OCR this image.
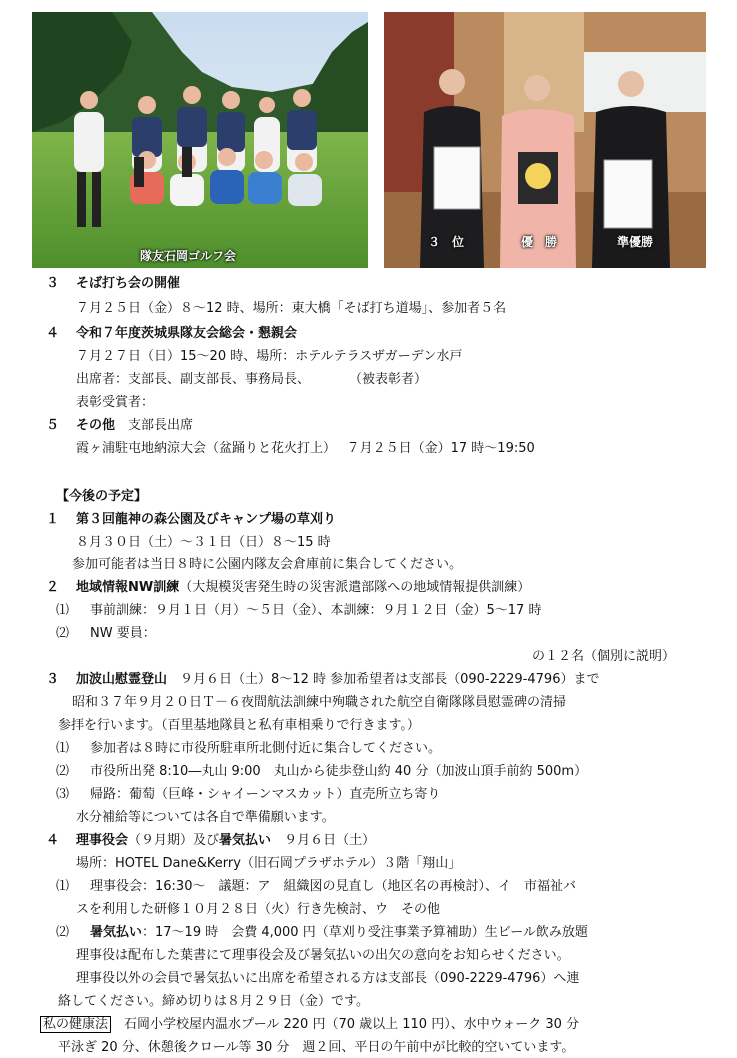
隊友石岡ゴルフ会
３　位	優　勝	準優勝
３ そば打ち会の開催
７月２５日（金）８～12 時、場所：東大橋「そば打ち道場」、参加者５名
４ 令和７年度茨城県隊友会総会・懇親会
７月２７日（日）15～20 時、場所：ホテルテラスザガーデン水戸
出席者：支部長、副支部長、事務局長、　　　　（被表彰者）
表彰受賞者：
５ その他　 支部長出席
霞ヶ浦駐屯地納涼大会（盆踊りと花火打上）　 ７月２５日（金）17 時～19:50
【今後の予定】
１ 第３回龍神の森公園及びキャンプ場の草刈り
８月３０日（土）～３１日（日）８～15 時
参加可能者は当日８時に公園内隊友会倉庫前に集合してください。
２ 地域情報NW訓練（大規模災害発生時の災害派遣部隊への地域情報提供訓練）
⑴ 事前訓練：９月１日（月）～５日（金）、本訓練：９月１２日（金）5～17 時
⑵ NW 要員：
の１２名（個別に説明）
３ 加波山慰霊登山　 ９月６日（土）8～12 時 参加希望者は支部長（090-2229-4796）まで
昭和３７年９月２０日Ｔ－６夜間航法訓練中殉職された航空自衛隊隊員慰霊碑の清掃
参拝を行います。（百里基地隊員と私有車相乗りで行きます。）
⑴ 参加者は８時に市役所駐車所北側付近に集合してください。
⑵ 市役所出発 8:10―丸山 9:00　丸山から徒歩登山約 40 分（加波山頂手前約 500m）
⑶ 帰路：葡萄（巨峰・シャイーンマスカット）直売所立ち寄り
水分補給等については各自で準備願います。
４ 理事役会（９月期）及び暑気払い　 ９月６日（土）
場所：HOTEL Dane&Kerry（旧石岡プラザホテル）３階「翔山」
⑴ 理事役会：16:30～　議題：ア　組織図の見直し（地区名の再検討）、イ　市福祉バ
スを利用した研修１０月２８日（火）行き先検討、ウ　その他
⑵ 暑気払い：17～19 時　会費 4,000 円（草刈り受注事業予算補助）生ビール飲み放題
理事役は配布した葉書にて理事役会及び暑気払いの出欠の意向をお知らせください。
理事役以外の会員で暑気払いに出席を希望される方は支部長（090-2229-4796）へ連
絡してください。締め切りは８月２９日（金）です。
私の健康法　 石岡小学校屋内温水プール 220 円（70 歳以上 110 円）、水中ウォーク 30 分
平泳ぎ 20 分、休憩後クロール等 30 分　週２回、平日の午前中が比較的空いています。
